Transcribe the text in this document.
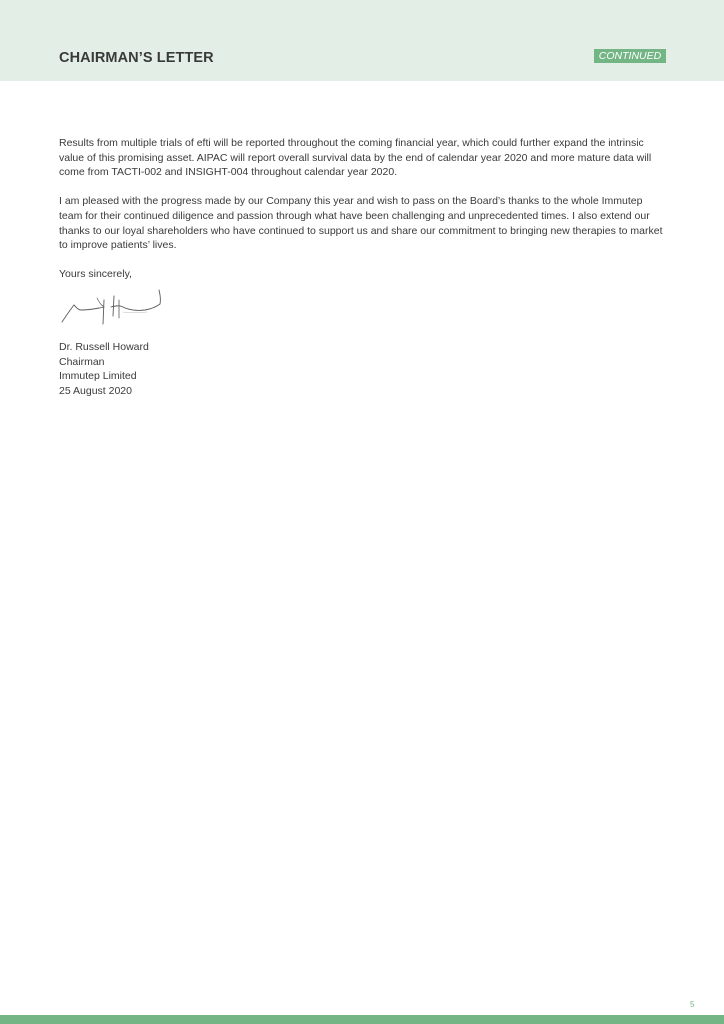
CHAIRMAN’S LETTER	CONTINUED

Results from multiple trials of efti will be reported throughout the coming financial year, which could further expand the intrinsic value of this promising asset. AIPAC will report overall survival data by the end of calendar year 2020 and more mature data will come from TACTI-002 and INSIGHT-004 throughout calendar year 2020.

I am pleased with the progress made by our Company this year and wish to pass on the Board’s thanks to the whole Immutep team for their continued diligence and passion through what have been challenging and unprecedented times. I also extend our thanks to our loyal shareholders who have continued to support us and share our commitment to bringing new therapies to market to improve patients’ lives.

Yours sincerely,
Dr. Russell Howard
Chairman
Immutep Limited
25 August 2020
5
